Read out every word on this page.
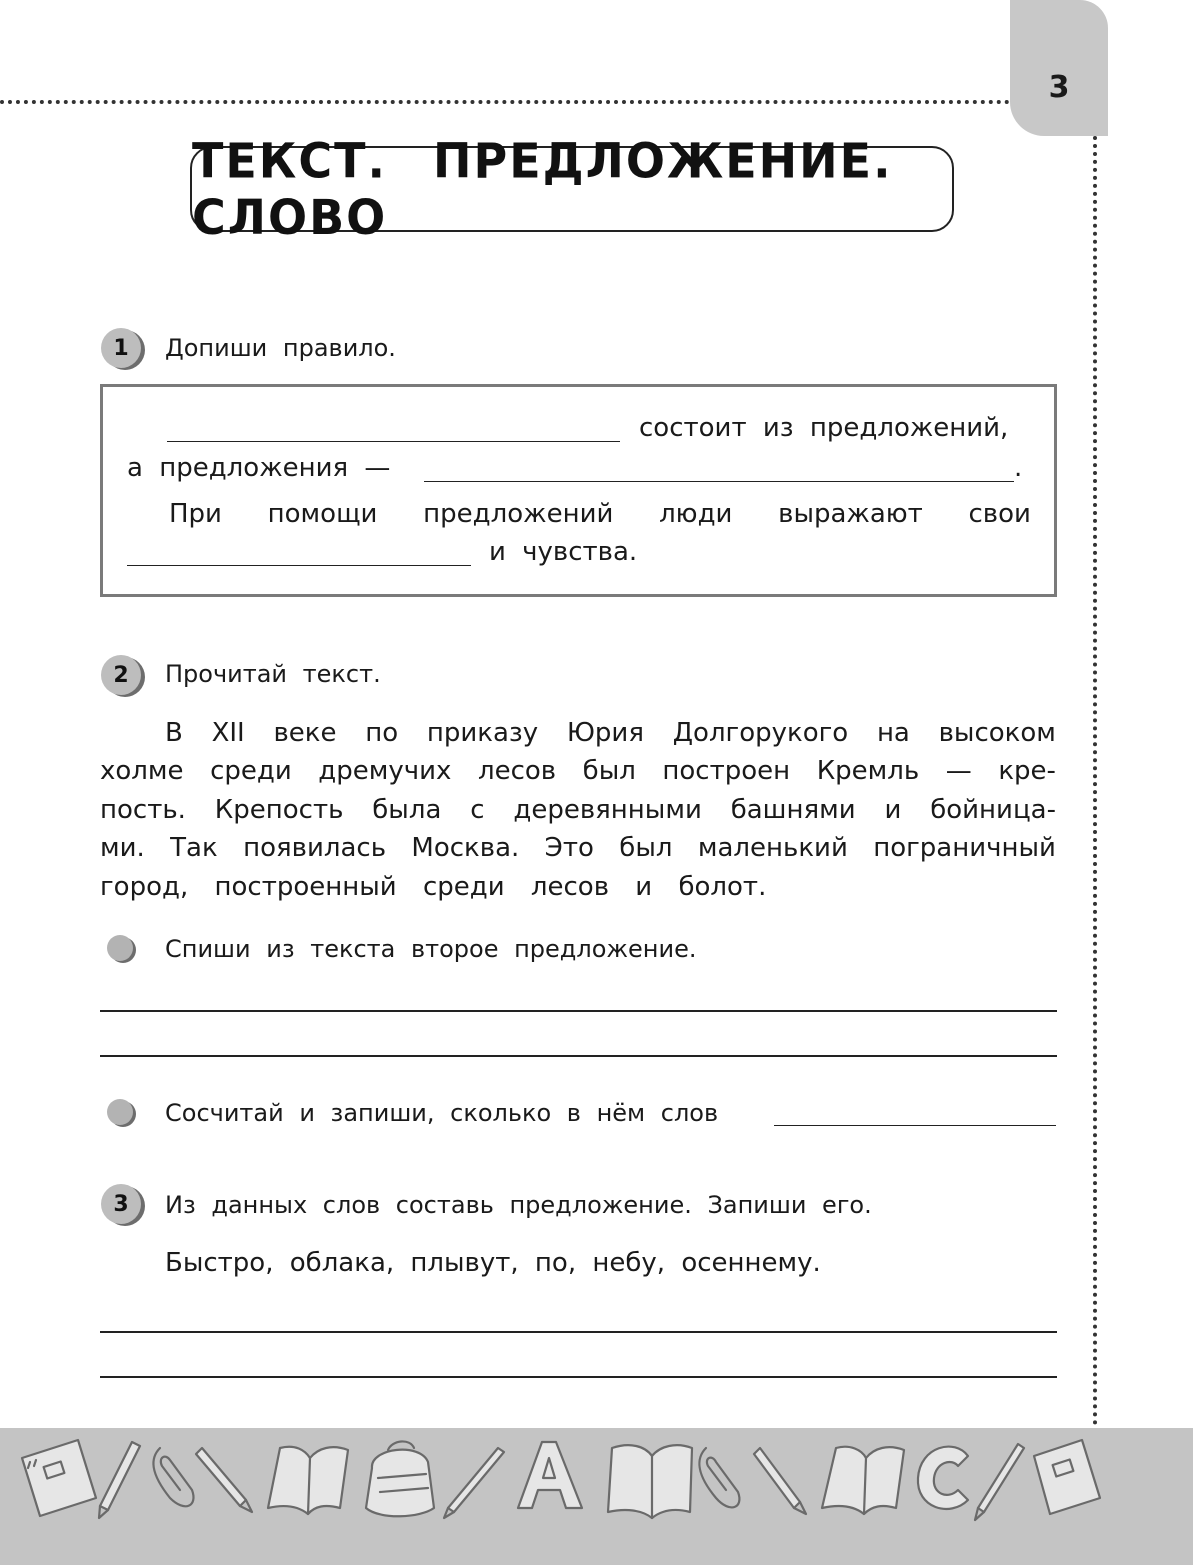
3
ТЕКСТ. ПРЕДЛОЖЕНИЕ. СЛОВО
1	Допиши правило.
состоит из предложений,
а предложения —	.
При помощи предложений люди выражают свои
и чувства.
2	Прочитай текст.
В XII веке по приказу Юрия Долгорукого на высоком
холме среди дремучих лесов был построен Кремль — кре-
пость. Крепость была с деревянными башнями и бойница-
ми. Так появилась Москва. Это был маленький пограничный
город, построенный среди лесов и болот.
Спиши из текста второе предложение.
Сосчитай и запиши, сколько в нём слов
3	Из данных слов составь предложение. Запиши его.
Быстро, облака, плывут, по, небу, осеннему.
